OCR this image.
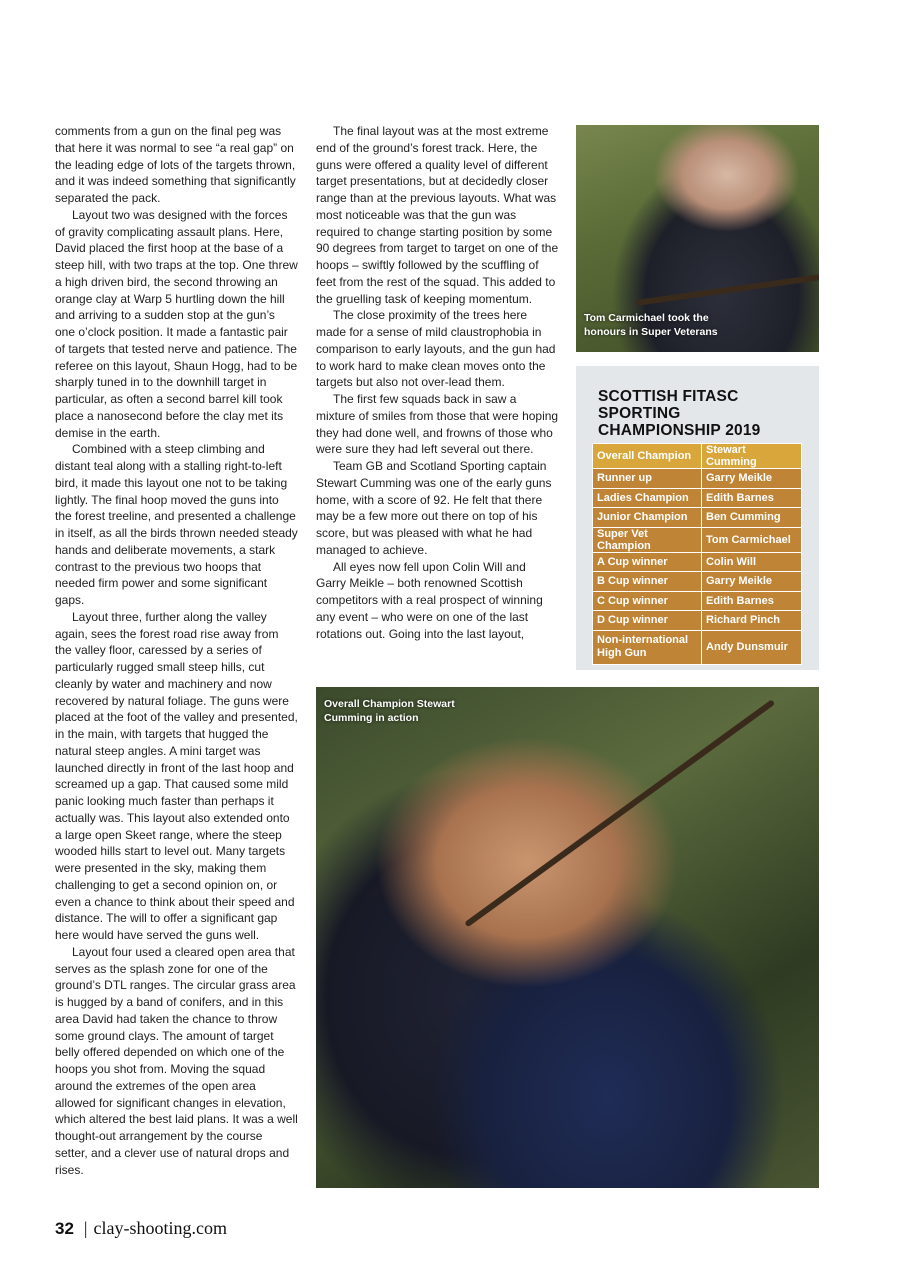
comments from a gun on the final peg was that here it was normal to see “a real gap” on the leading edge of lots of the targets thrown, and it was indeed something that significantly separated the pack.

Layout two was designed with the forces of gravity complicating assault plans. Here, David placed the first hoop at the base of a steep hill, with two traps at the top. One threw a high driven bird, the second throwing an orange clay at Warp 5 hurtling down the hill and arriving to a sudden stop at the gun’s one o’clock position. It made a fantastic pair of targets that tested nerve and patience. The referee on this layout, Shaun Hogg, had to be sharply tuned in to the downhill target in particular, as often a second barrel kill took place a nanosecond before the clay met its demise in the earth.

Combined with a steep climbing and distant teal along with a stalling right-to-left bird, it made this layout one not to be taking lightly. The final hoop moved the guns into the forest treeline, and presented a challenge in itself, as all the birds thrown needed steady hands and deliberate movements, a stark contrast to the previous two hoops that needed firm power and some significant gaps.

Layout three, further along the valley again, sees the forest road rise away from the valley floor, caressed by a series of particularly rugged small steep hills, cut cleanly by water and machinery and now recovered by natural foliage. The guns were placed at the foot of the valley and presented, in the main, with targets that hugged the natural steep angles. A mini target was launched directly in front of the last hoop and screamed up a gap. That caused some mild panic looking much faster than perhaps it actually was. This layout also extended onto a large open Skeet range, where the steep wooded hills start to level out. Many targets were presented in the sky, making them challenging to get a second opinion on, or even a chance to think about their speed and distance. The will to offer a significant gap here would have served the guns well.

Layout four used a cleared open area that serves as the splash zone for one of the ground’s DTL ranges. The circular grass area is hugged by a band of conifers, and in this area David had taken the chance to throw some ground clays. The amount of target belly offered depended on which one of the hoops you shot from. Moving the squad around the extremes of the open area allowed for significant changes in elevation, which altered the best laid plans. It was a well thought-out arrangement by the course setter, and a clever use of natural drops and rises.

The final layout was at the most extreme end of the ground’s forest track. Here, the guns were offered a quality level of different target presentations, but at decidedly closer range than at the previous layouts. What was most noticeable was that the gun was required to change starting position by some 90 degrees from target to target on one of the hoops – swiftly followed by the scuffling of feet from the rest of the squad. This added to the gruelling task of keeping momentum.

The close proximity of the trees here made for a sense of mild claustrophobia in comparison to early layouts, and the gun had to work hard to make clean moves onto the targets but also not over-lead them.

The first few squads back in saw a mixture of smiles from those that were hoping they had done well, and frowns of those who were sure they had left several out there.

Team GB and Scotland Sporting captain Stewart Cumming was one of the early guns home, with a score of 92. He felt that there may be a few more out there on top of his score, but was pleased with what he had managed to achieve.

All eyes now fell upon Colin Will and Garry Meikle – both renowned Scottish competitors with a real prospect of winning any event – who were on one of the last rotations out. Going into the last layout,

Tom Carmichael took the honours in Super Veterans
SCOTTISH FITASC SPORTING CHAMPIONSHIP 2019
Overall Champion	Stewart Cumming
Runner up	Garry Meikle
Ladies Champion	Edith Barnes
Junior Champion	Ben Cumming
Super Vet Champion	Tom Carmichael
A Cup winner	Colin Will
B Cup winner	Garry Meikle
C Cup winner	Edith Barnes
D Cup winner	Richard Pinch
Non-international High Gun	Andy Dunsmuir
Overall Champion Stewart Cumming in action
32 | clay-shooting.com
